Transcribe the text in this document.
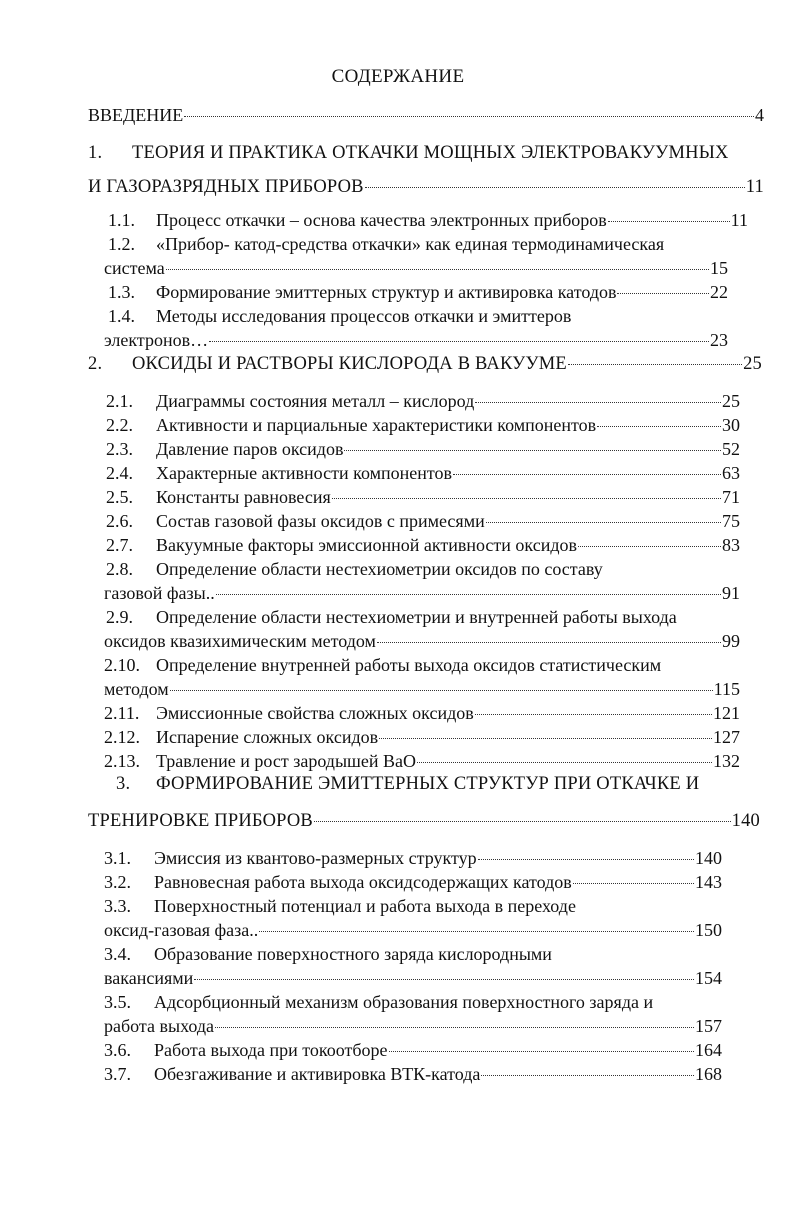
СОДЕРЖАНИЕ
ВВЕДЕНИЕ	4
1. ТЕОРИЯ И ПРАКТИКА ОТКАЧКИ МОЩНЫХ ЭЛЕКТРОВАКУУМНЫХ
И ГАЗОРАЗРЯДНЫХ ПРИБОРОВ	11
1.1.	Процесс откачки – основа качества электронных приборов	11
1.2. «Прибор- катод-средства откачки» как единая термодинамическая
система	15
1.3.	Формирование эмиттерных структур и активировка катодов	22
1.4. Методы исследования процессов откачки и эмиттеров
электронов…	23
2.	ОКСИДЫ И РАСТВОРЫ КИСЛОРОДА В ВАКУУМЕ	25
2.1.	Диаграммы состояния металл – кислород	25
2.2.	Активности и парциальные характеристики компонентов	30
2.3.	Давление паров оксидов	52
2.4.	Характерные активности компонентов	63
2.5.	Константы равновесия	71
2.6.	Состав газовой фазы оксидов с примесями	75
2.7.	Вакуумные факторы эмиссионной активности оксидов	83
2.8. Определение области нестехиометрии оксидов по составу
газовой фазы..	91
2.9. Определение области нестехиометрии и внутренней работы выхода
оксидов квазихимическим методом	99
2.10. Определение внутренней работы выхода оксидов статистическим
методом	115
2.11. Эмиссионные свойства сложных оксидов	121
2.12. Испарение сложных оксидов	127
2.13. Травление и рост зародышей BaO	132
3. ФОРМИРОВАНИЕ ЭМИТТЕРНЫХ СТРУКТУР ПРИ ОТКАЧКЕ И
ТРЕНИРОВКЕ ПРИБОРОВ	140
3.1.	Эмиссия из квантово-размерных структур	140
3.2.	Равновесная работа выхода оксидсодержащих катодов	143
3.3. Поверхностный потенциал и работа выхода в переходе
оксид-газовая фаза..	150
3.4. Образование поверхностного заряда кислородными
вакансиями	154
3.5. Адсорбционный механизм образования поверхностного заряда и
работа выхода	157
3.6.	Работа выхода при токоотборе	164
3.7.	Обезгаживание и активировка ВТК-катода	168
